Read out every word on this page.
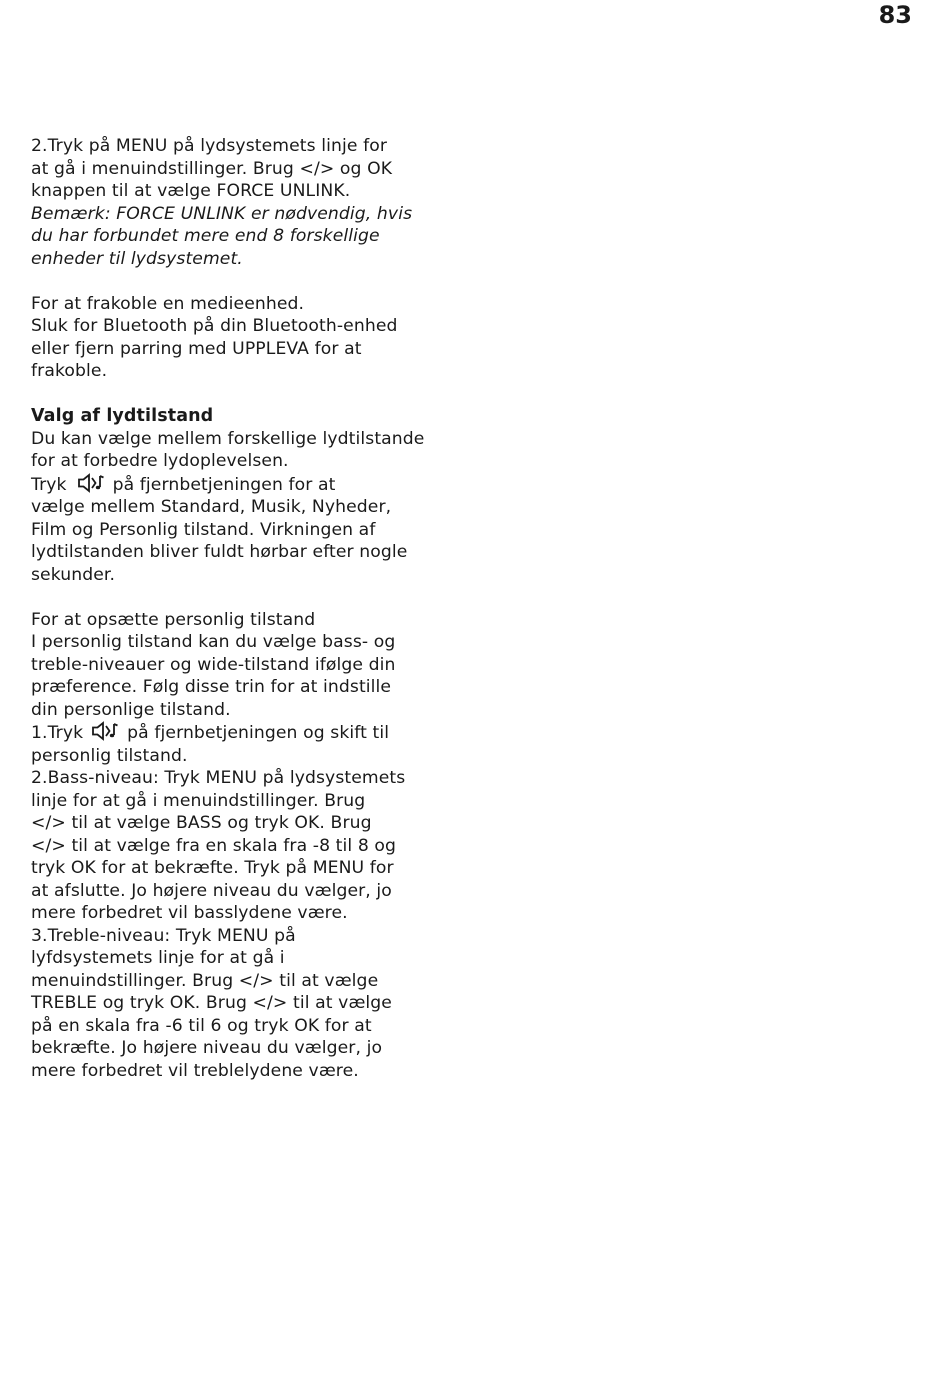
83

2.Tryk på MENU på lydsystemets linje for

at gå i menuindstillinger. Brug </> og OK

knappen til at vælge FORCE UNLINK.

Bemærk: FORCE UNLINK er nødvendig, hvis

du har forbundet mere end 8 forskellige

enheder til lydsystemet.

For at frakoble en medieenhed.

Sluk for Bluetooth på din Bluetooth-enhed

eller fjern parring med UPPLEVA for at

frakoble.

Valg af lydtilstand

Du kan vælge mellem forskellige lydtilstande

for at forbedre lydoplevelsen.

Tryk	på fjernbetjeningen for at

vælge mellem Standard, Musik, Nyheder,

Film og Personlig tilstand. Virkningen af

lydtilstanden bliver fuldt hørbar efter nogle

sekunder.

For at opsætte personlig tilstand

I personlig tilstand kan du vælge bass- og

treble-niveauer og wide-tilstand ifølge din

præference. Følg disse trin for at indstille

din personlige tilstand.

1.Tryk	på fjernbetjeningen og skift til

personlig tilstand.

2.Bass-niveau: Tryk MENU på lydsystemets

linje for at gå i menuindstillinger. Brug

</> til at vælge BASS og tryk OK. Brug

</> til at vælge fra en skala fra -8 til 8 og

tryk OK for at bekræfte. Tryk på MENU for

at afslutte. Jo højere niveau du vælger, jo

mere forbedret vil basslydene være.

3.Treble-niveau: Tryk MENU på

lyfdsystemets linje for at gå i

menuindstillinger. Brug </> til at vælge

TREBLE og tryk OK. Brug </> til at vælge

på en skala fra -6 til 6 og tryk OK for at

bekræfte. Jo højere niveau du vælger, jo

mere forbedret vil treblelydene være.
